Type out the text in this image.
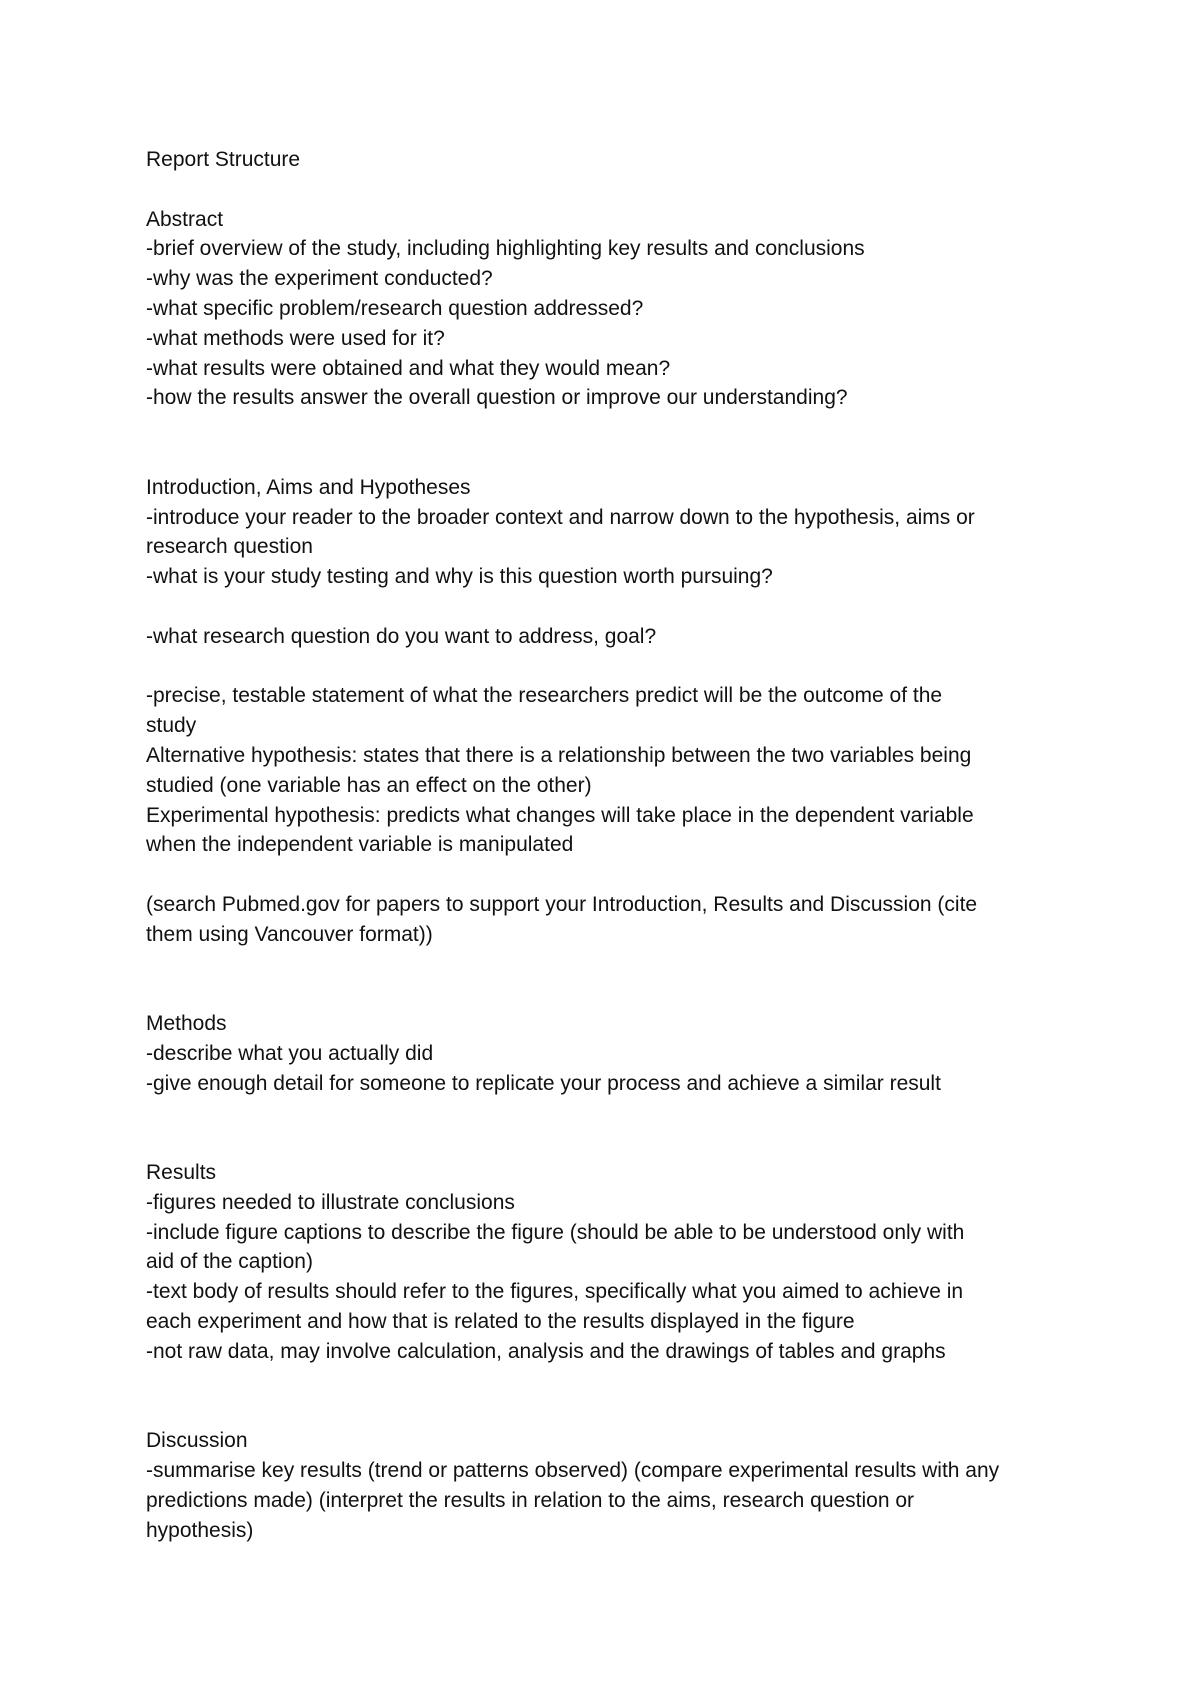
Report Structure

Abstract

-brief overview of the study, including highlighting key results and conclusions

-why was the experiment conducted?

-what specific problem/research question addressed?

-what methods were used for it?

-what results were obtained and what they would mean?

-how the results answer the overall question or improve our understanding?

Introduction, Aims and Hypotheses

-introduce your reader to the broader context and narrow down to the hypothesis, aims or

research question

-what is your study testing and why is this question worth pursuing?

-what research question do you want to address, goal?

-precise, testable statement of what the researchers predict will be the outcome of the

study

Alternative hypothesis: states that there is a relationship between the two variables being

studied (one variable has an effect on the other)

Experimental hypothesis: predicts what changes will take place in the dependent variable

when the independent variable is manipulated

(search Pubmed.gov for papers to support your Introduction, Results and Discussion (cite

them using Vancouver format))

Methods

-describe what you actually did

-give enough detail for someone to replicate your process and achieve a similar result

Results

-figures needed to illustrate conclusions

-include figure captions to describe the figure (should be able to be understood only with

aid of the caption)

-text body of results should refer to the figures, specifically what you aimed to achieve in

each experiment and how that is related to the results displayed in the figure

-not raw data, may involve calculation, analysis and the drawings of tables and graphs

Discussion

-summarise key results (trend or patterns observed) (compare experimental results with any

predictions made) (interpret the results in relation to the aims, research question or

hypothesis)
